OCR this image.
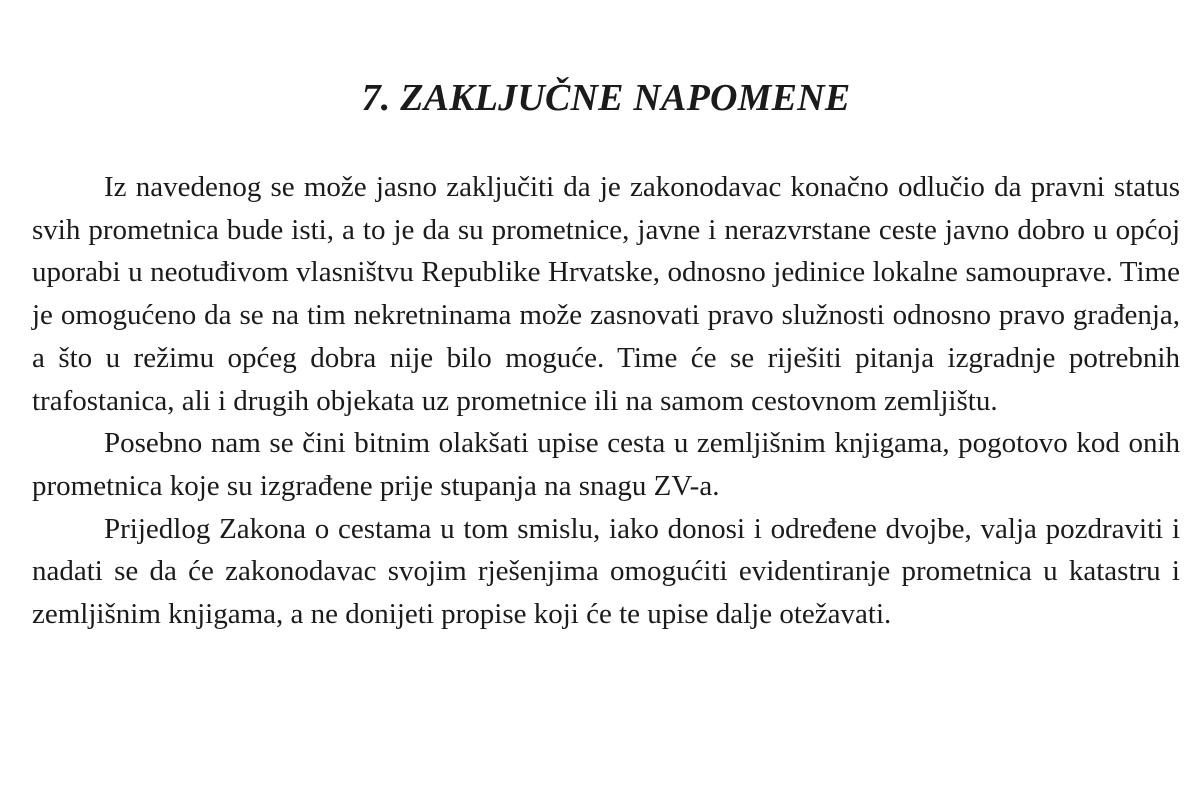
7. ZAKLJUČNE NAPOMENE

Iz navedenog se može jasno zaključiti da je zakonodavac konačno odlučio da pravni status svih prometnica bude isti, a to je da su prometnice, javne i nerazvrstane ceste javno dobro u općoj uporabi u neotuđivom vlasništvu Republike Hrvatske, odnosno jedinice lokalne samouprave. Time je omogućeno da se na tim nekretninama može zasnovati pravo služnosti odnosno pravo građenja, a što u režimu općeg dobra nije bilo moguće. Time će se riješiti pitanja izgradnje potrebnih trafostanica, ali i drugih objekata uz prometnice ili na samom cestovnom zemljištu.

Posebno nam se čini bitnim olakšati upise cesta u zemljišnim knjigama, pogotovo kod onih prometnica koje su izgrađene prije stupanja na snagu ZV-a.

Prijedlog Zakona o cestama u tom smislu, iako donosi i određene dvojbe, valja pozdraviti i nadati se da će zakonodavac svojim rješenjima omogućiti evidentiranje prometnica u katastru i zemljišnim knjigama, a ne donijeti propise koji će te upise dalje otežavati.
